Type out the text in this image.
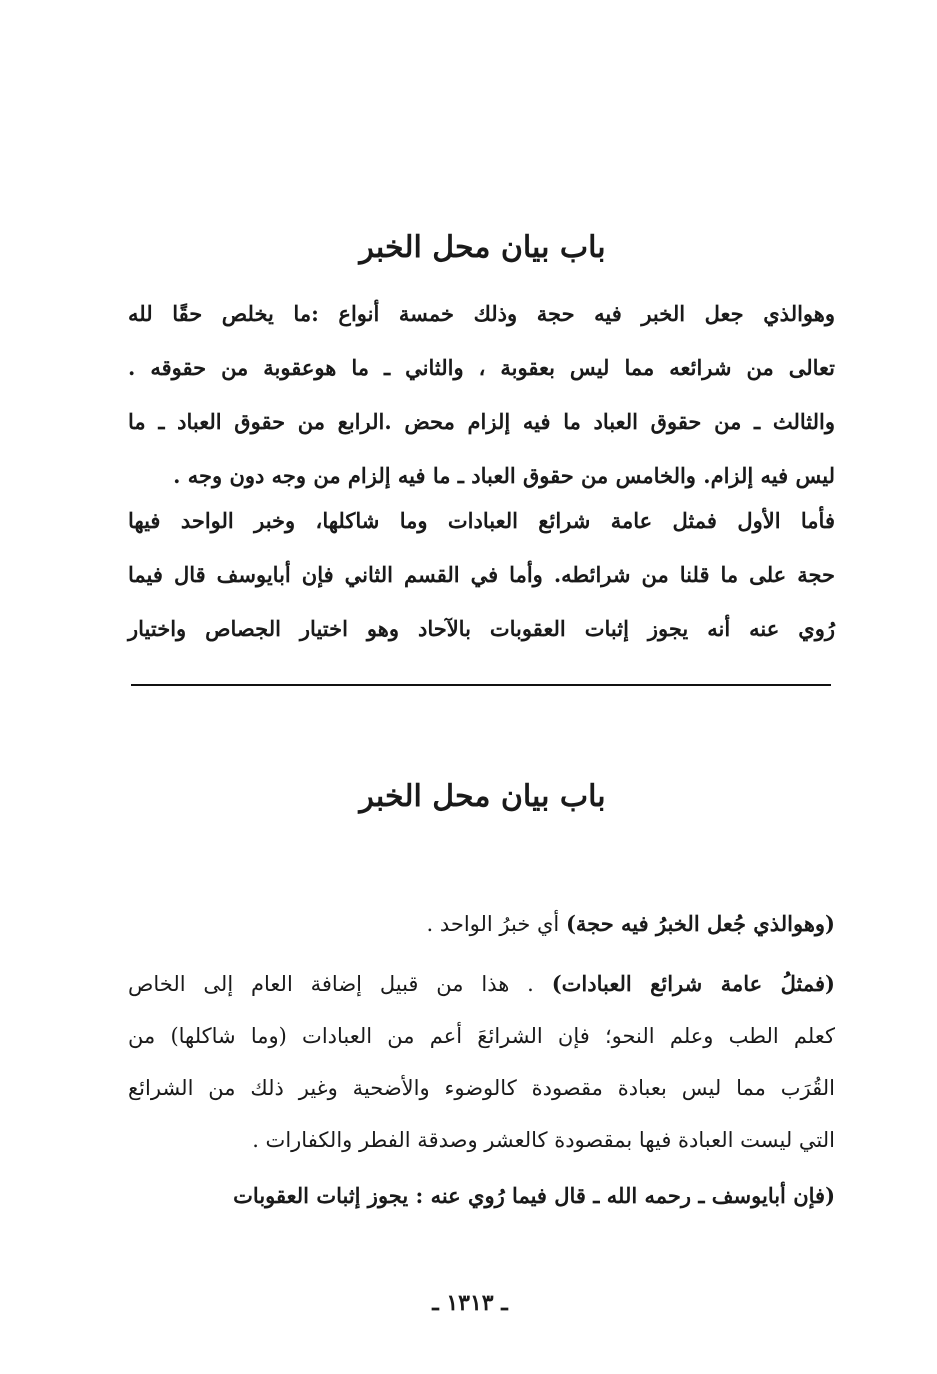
باب بيان محل الخبر
وهوالذي جعل الخبر فيه حجة وذلك خمسة أنواع :ما يخلص حقًا لله
تعالى من شرائعه مما ليس بعقوبة ، والثاني ـ ما هوعقوبة من حقوقه .
والثالث ـ من حقوق العباد ما فيه إلزام محض .الرابع من حقوق العباد ـ ما
ليس فيه إلزام. والخامس من حقوق العباد ـ ما فيه إلزام من وجه دون وجه .
فأما الأول فمثل عامة شرائع العبادات وما شاكلها، وخبر الواحد فيها
حجة على ما قلنا من شرائطه. وأما في القسم الثاني فإن أبايوسف قال فيما
رُوي عنه أنه يجوز إثبات العقوبات بالآحاد وهو اختيار الجصاص واختيار
باب بيان محل الخبر
(وهوالذي جُعل الخبرُ فيه حجة) أي خبرُ الواحد .
(فمثلُ عامة شرائع العبادات) . هذا من قبيل إضافة العام إلى الخاص
كعلم الطب وعلم النحو؛ فإن الشرائعَ أعم من العبادات (وما شاكلها) من
القُرَب مما ليس بعبادة مقصودة كالوضوء والأضحية وغير ذلك من الشرائع
التي ليست العبادة فيها بمقصودة كالعشر وصدقة الفطر والكفارات .
(فإن أبايوسف ـ رحمه الله ـ قال فيما رُوي عنه : يجوز إثبات العقوبات
ـ ١٣١٣ ـ
